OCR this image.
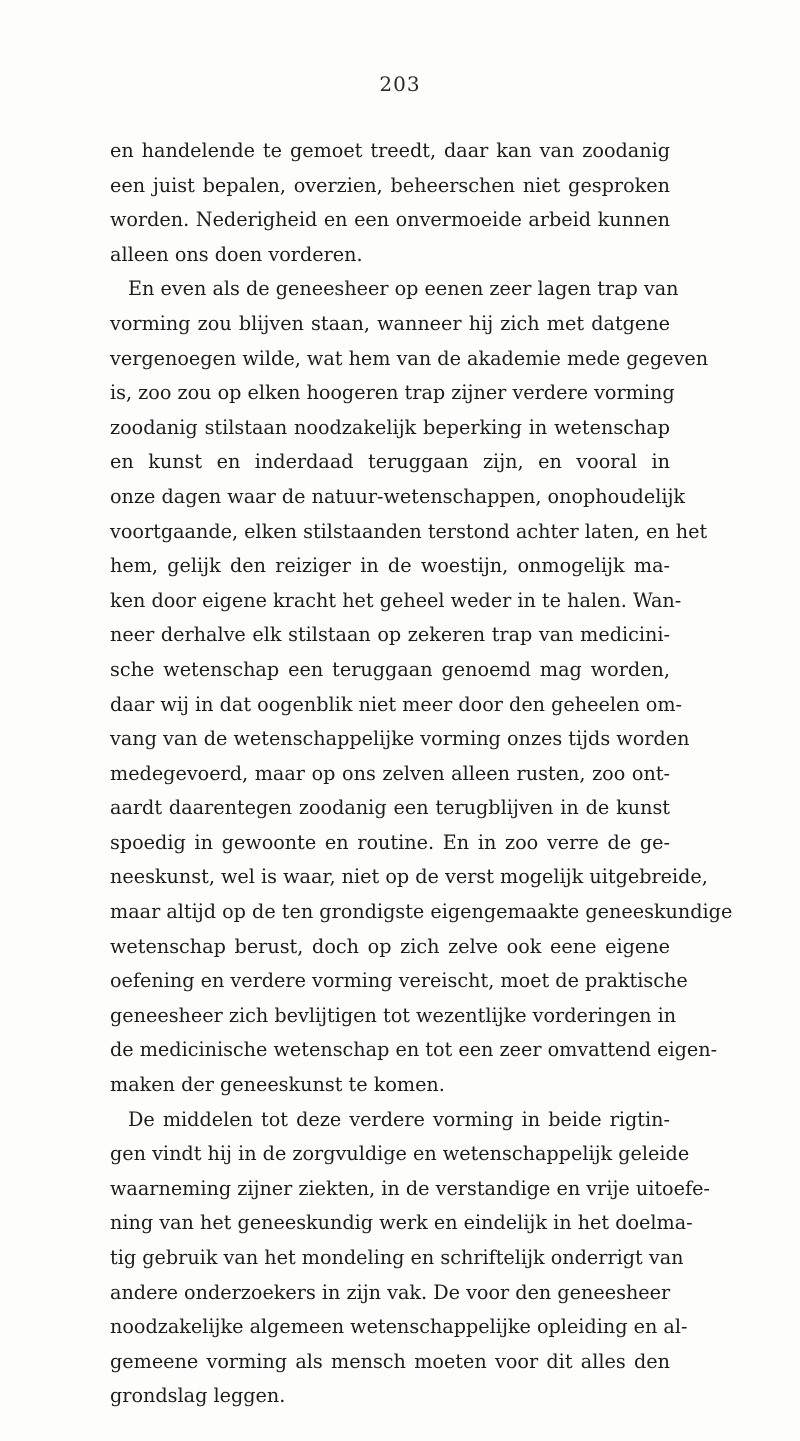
203
en handelende te gemoet treedt, daar kan van zoodanig
een juist bepalen, overzien, beheerschen niet gesproken
worden. Nederigheid en een onvermoeide arbeid kunnen
alleen ons doen vorderen.
En even als de geneesheer op eenen zeer lagen trap van
vorming zou blijven staan, wanneer hij zich met datgene
vergenoegen wilde, wat hem van de akademie mede gegeven
is, zoo zou op elken hoogeren trap zijner verdere vorming
zoodanig stilstaan noodzakelijk beperking in wetenschap
en kunst en inderdaad teruggaan zijn, en vooral in
onze dagen waar de natuur-wetenschappen, onophoudelijk
voortgaande, elken stilstaanden terstond achter laten, en het
hem, gelijk den reiziger in de woestijn, onmogelijk ma-
ken door eigene kracht het geheel weder in te halen. Wan-
neer derhalve elk stilstaan op zekeren trap van medicini-
sche wetenschap een teruggaan genoemd mag worden,
daar wij in dat oogenblik niet meer door den geheelen om-
vang van de wetenschappelijke vorming onzes tijds worden
medegevoerd, maar op ons zelven alleen rusten, zoo ont-
aardt daarentegen zoodanig een terugblijven in de kunst
spoedig in gewoonte en routine. En in zoo verre de ge-
neeskunst, wel is waar, niet op de verst mogelijk uitgebreide,
maar altijd op de ten grondigste eigengemaakte geneeskundige
wetenschap berust, doch op zich zelve ook eene eigene
oefening en verdere vorming vereischt, moet de praktische
geneesheer zich bevlijtigen tot wezentlijke vorderingen in
de medicinische wetenschap en tot een zeer omvattend eigen-
maken der geneeskunst te komen.
De middelen tot deze verdere vorming in beide rigtin-
gen vindt hij in de zorgvuldige en wetenschappelijk geleide
waarneming zijner ziekten, in de verstandige en vrije uitoefe-
ning van het geneeskundig werk en eindelijk in het doelma-
tig gebruik van het mondeling en schriftelijk onderrigt van
andere onderzoekers in zijn vak. De voor den geneesheer
noodzakelijke algemeen wetenschappelijke opleiding en al-
gemeene vorming als mensch moeten voor dit alles den
grondslag leggen.
